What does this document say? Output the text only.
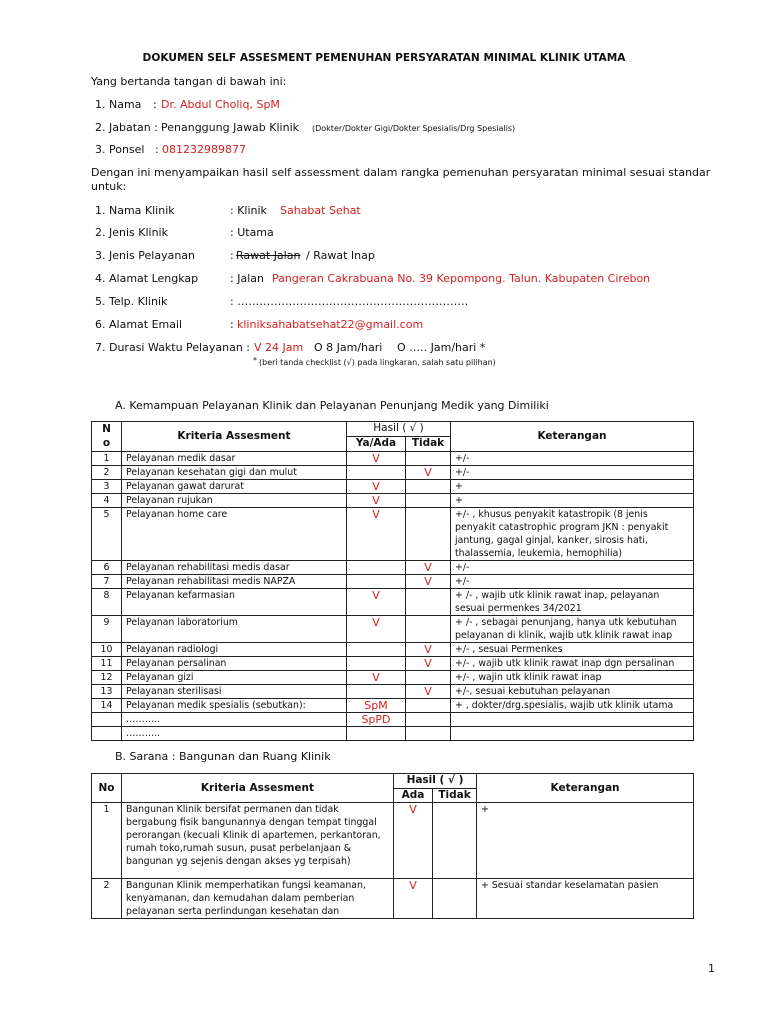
DOKUMEN SELF ASSESMENT PEMENUHAN PERSYARATAN MINIMAL KLINIK UTAMA
Yang bertanda tangan di bawah ini:
1. Nama : Dr. Abdul Choliq, SpM
2. Jabatan : Penanggung Jawab Klinik (Dokter/Dokter Gigi/Dokter Spesialis/Drg Spesialis)
3. Ponsel : 081232989877
Dengan ini menyampaikan hasil self assessment dalam rangka pemenuhan persyaratan minimal sesuai standar
untuk:
1. Nama Klinik	: Klinik Sahabat Sehat
2. Jenis Klinik	: Utama
3. Jenis Pelayanan	: Rawat Jalan / Rawat Inap
4. Alamat Lengkap	: Jalan Pangeran Cakrabuana No. 39 Kepompong. Talun. Kabupaten Cirebon
5. Telp. Klinik	: ………………………………………………………
6. Alamat Email	: kliniksahabatsehat22@gmail.com
7. Durasi Waktu Pelayanan : V 24 Jam O 8 Jam/hari O ….. Jam/hari *
* (beri tanda checklist (√) pada lingkaran, salah satu pilihan)
A. Kemampuan Pelayanan Klinik dan Pelayanan Penunjang Medik yang Dimiliki
N
o	Kriteria Assesment	Hasil ( √ )		Keterangan
		Ya/Ada	Tidak	
1	Pelayanan medik dasar	V		+/-
2	Pelayanan kesehatan gigi dan mulut		V	+/-
3	Pelayanan gawat darurat	V		+
4	Pelayanan rujukan	V		+
5	Pelayanan home care	V		+/- , khusus penyakit katastropik (8 jenis penyakit catastrophic program JKN : penyakit jantung, gagal ginjal, kanker, sirosis hati, thalassemia, leukemia, hemophilia)
6	Pelayanan rehabilitasi medis dasar		V	+/-
7	Pelayanan rehabilitasi medis NAPZA		V	+/-
8	Pelayanan kefarmasian	V		+ /- , wajib utk klinik rawat inap, pelayanan sesuai permenkes 34/2021
9	Pelayanan laboratorium	V		+ /- , sebagai penunjang, hanya utk kebutuhan pelayanan di klinik, wajib utk klinik rawat inap
10	Pelayanan radiologi		V	+/- , sesuai Permenkes
11	Pelayanan persalinan		V	+/- , wajib utk klinik rawat inap dgn persalinan
12	Pelayanan gizi	V		+/- , wajin utk klinik rawat inap
13	Pelayanan sterilisasi		V	+/-, sesuai kebutuhan pelayanan
14	Pelayanan medik spesialis (sebutkan):	SpM		+ , dokter/drg.spesialis, wajib utk klinik utama
	………..	SpPD		
	………..			
B. Sarana : Bangunan dan Ruang Klinik
No	Kriteria Assesment	Hasil ( √ )		Keterangan
		Ada	Tidak	
1	Bangunan Klinik bersifat permanen dan tidak bergabung fisik bangunannya dengan tempat tinggal perorangan (kecuali Klinik di apartemen, perkantoran, rumah toko,rumah susun, pusat perbelanjaan & bangunan yg sejenis dengan akses yg terpisah)	V		+
2	Bangunan Klinik memperhatikan fungsi keamanan, kenyamanan, dan kemudahan dalam pemberian pelayanan serta perlindungan kesehatan dan	V		+ Sesuai standar keselamatan pasien
1
